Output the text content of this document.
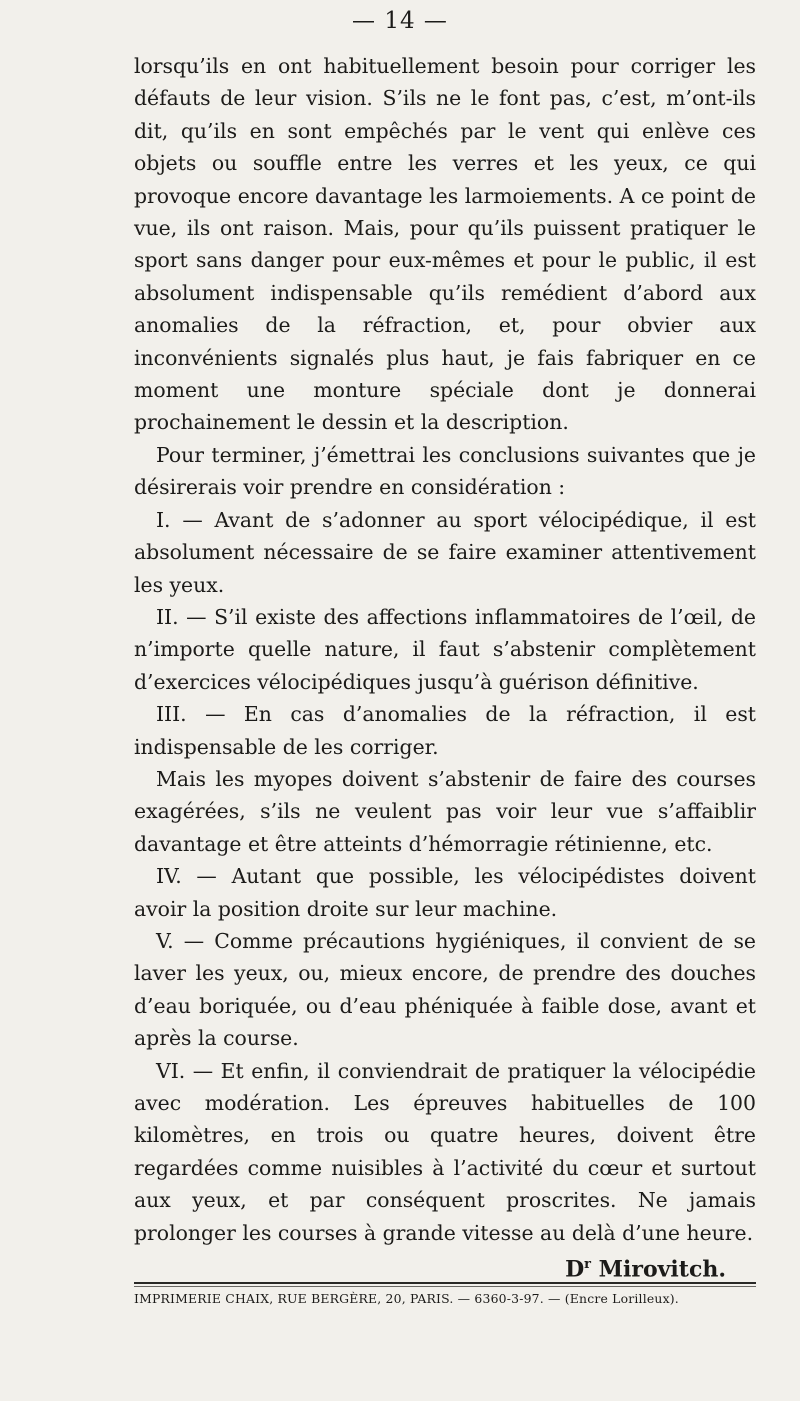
— 14 —

lorsqu’ils en ont habituellement besoin pour corriger les défauts de leur vision. S’ils ne le font pas, c’est, m’ont-ils dit, qu’ils en sont empêchés par le vent qui enlève ces objets ou souffle entre les verres et les yeux, ce qui provoque encore davantage les larmoiements. A ce point de vue, ils ont raison. Mais, pour qu’ils puissent pratiquer le sport sans danger pour eux-mêmes et pour le public, il est absolument indispensable qu’ils remédient d’abord aux anomalies de la réfraction, et, pour obvier aux inconvénients signalés plus haut, je fais fabriquer en ce moment une monture spéciale dont je donnerai prochainement le dessin et la description.

Pour terminer, j’émettrai les conclusions suivantes que je désirerais voir prendre en considération :

I. — Avant de s’adonner au sport vélocipédique, il est absolument nécessaire de se faire examiner attentivement les yeux.

II. — S’il existe des affections inflammatoires de l’œil, de n’importe quelle nature, il faut s’abstenir complètement d’exercices vélocipédiques jusqu’à guérison définitive.

III. — En cas d’anomalies de la réfraction, il est indispensable de les corriger.

Mais les myopes doivent s’abstenir de faire des courses exagérées, s’ils ne veulent pas voir leur vue s’affaiblir davantage et être atteints d’hémorragie rétinienne, etc.

IV. — Autant que possible, les vélocipédistes doivent avoir la position droite sur leur machine.

V. — Comme précautions hygiéniques, il convient de se laver les yeux, ou, mieux encore, de prendre des douches d’eau boriquée, ou d’eau phéniquée à faible dose, avant et après la course.

VI. — Et enfin, il conviendrait de pratiquer la vélocipédie avec modération. Les épreuves habituelles de 100 kilomètres, en trois ou quatre heures, doivent être regardées comme nuisibles à l’activité du cœur et surtout aux yeux, et par conséquent proscrites. Ne jamais prolonger les courses à grande vitesse au delà d’une heure.

$D^r$ Mirovitch.

IMPRIMERIE CHAIX, RUE BERGÈRE, 20, PARIS. — 6360-3-97. — (Encre Lorilleux).
